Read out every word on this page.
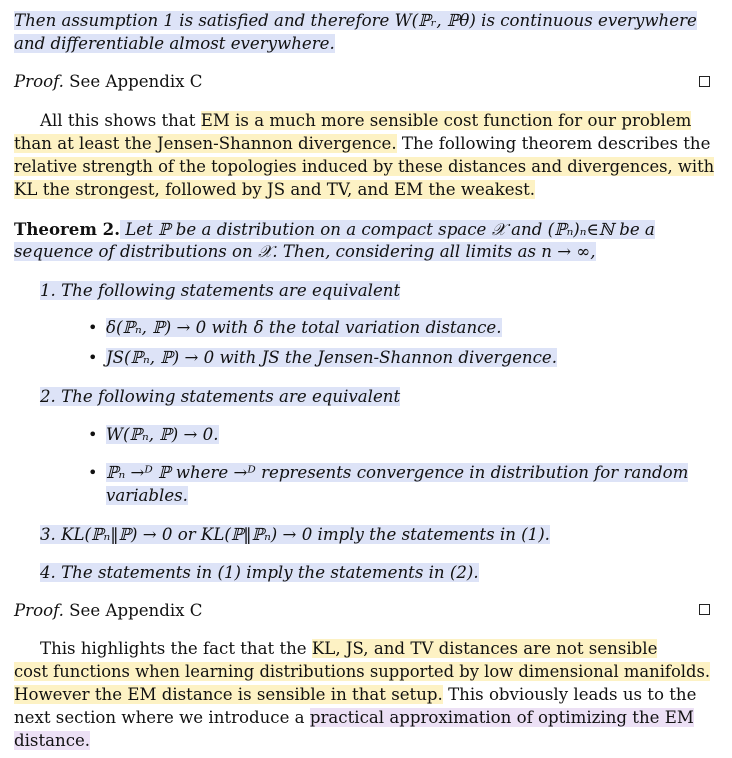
Then assumption 1 is satisfied and therefore W(ℙᵣ, ℙθ) is continuous everywhere
and differentiable almost everywhere.
Proof. See Appendix C
All this shows that EM is a much more sensible cost function for our problem
than at least the Jensen-Shannon divergence. The following theorem describes the
relative strength of the topologies induced by these distances and divergences, with
KL the strongest, followed by JS and TV, and EM the weakest.
Theorem 2. Let ℙ be a distribution on a compact space 𝒳 and (ℙₙ)ₙ∈ℕ be a
sequence of distributions on 𝒳. Then, considering all limits as n → ∞,
1. The following statements are equivalent
• δ(ℙₙ, ℙ) → 0 with δ the total variation distance.
• JS(ℙₙ, ℙ) → 0 with JS the Jensen-Shannon divergence.
2. The following statements are equivalent
• W(ℙₙ, ℙ) → 0.
• ℙₙ →ᴰ ℙ where →ᴰ represents convergence in distribution for random
variables.
3. KL(ℙₙ‖ℙ) → 0 or KL(ℙ‖ℙₙ) → 0 imply the statements in (1).
4. The statements in (1) imply the statements in (2).
Proof. See Appendix C
This highlights the fact that the KL, JS, and TV distances are not sensible
cost functions when learning distributions supported by low dimensional manifolds.
However the EM distance is sensible in that setup. This obviously leads us to the
next section where we introduce a practical approximation of optimizing the EM
distance.
